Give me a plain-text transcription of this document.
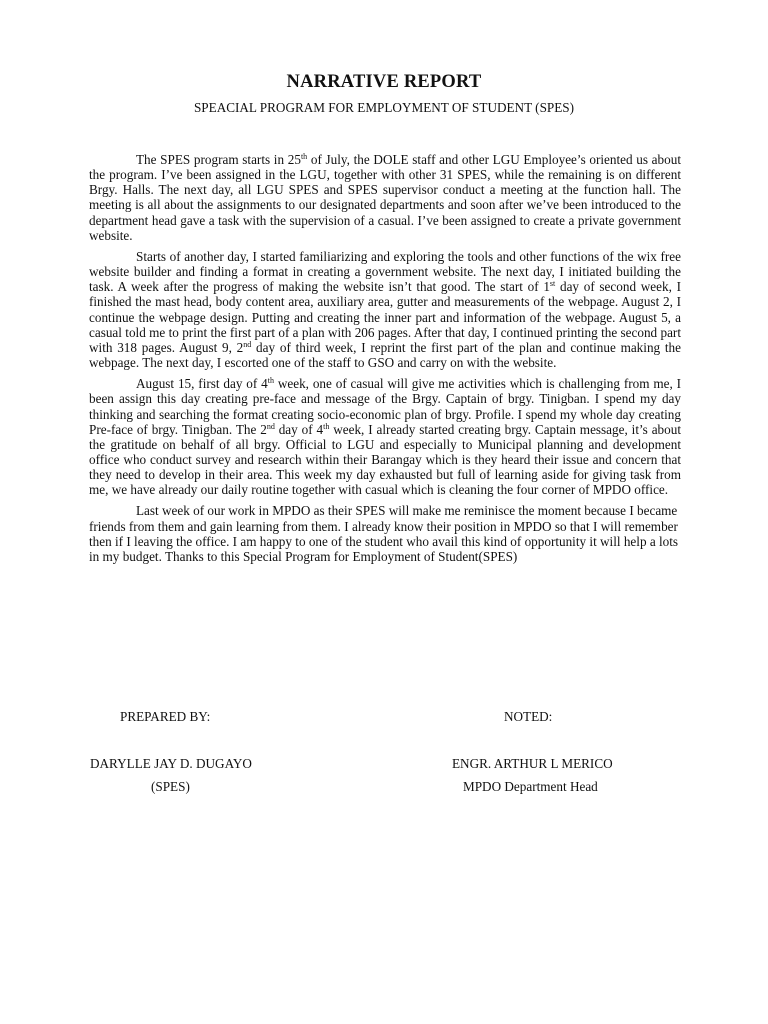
NARRATIVE REPORT
SPEACIAL PROGRAM FOR EMPLOYMENT OF STUDENT (SPES)

The SPES program starts in 25th of July, the DOLE staff and other LGU Employee’s oriented us about the program. I’ve been assigned in the LGU, together with other 31 SPES, while the remaining is on different Brgy. Halls. The next day, all LGU SPES and SPES supervisor conduct a meeting at the function hall. The meeting is all about the assignments to our designated departments and soon after we’ve been introduced to the department head gave a task with the supervision of a casual. I’ve been assigned to create a private government website.

Starts of another day, I started familiarizing and exploring the tools and other functions of the wix free website builder and finding a format in creating a government website. The next day, I initiated building the task. A week after the progress of making the website isn’t that good. The start of 1st day of second week, I finished the mast head, body content area, auxiliary area, gutter and measurements of the webpage. August 2, I continue the webpage design. Putting and creating the inner part and information of the webpage. August 5, a casual told me to print the first part of a plan with 206 pages. After that day, I continued printing the second part with 318 pages. August 9, 2nd day of third week, I reprint the first part of the plan and continue making the webpage. The next day, I escorted one of the staff to GSO and carry on with the website.

August 15, first day of 4th week, one of casual will give me activities which is challenging from me, I been assign this day creating pre-face and message of the Brgy. Captain of brgy. Tinigban. I spend my day thinking and searching the format creating socio-economic plan of brgy. Profile. I spend my whole day creating Pre-face of brgy. Tinigban. The 2nd day of 4th week, I already started creating brgy. Captain message, it’s about the gratitude on behalf of all brgy. Official to LGU and especially to Municipal planning and development office who conduct survey and research within their Barangay which is they heard their issue and concern that they need to develop in their area. This week my day exhausted but full of learning aside for giving task from me, we have already our daily routine together with casual which is cleaning the four corner of MPDO office.

Last week of our work in MPDO as their SPES will make me reminisce the moment because I became friends from them and gain learning from them. I already know their position in MPDO so that I will remember then if I leaving the office. I am happy to one of the student who avail this kind of opportunity it will help a lots in my budget. Thanks to this Special Program for Employment of Student(SPES)

PREPARED BY:	NOTED:
DARYLLE JAY D. DUGAYO	ENGR. ARTHUR L MERICO
(SPES)	MPDO Department Head
